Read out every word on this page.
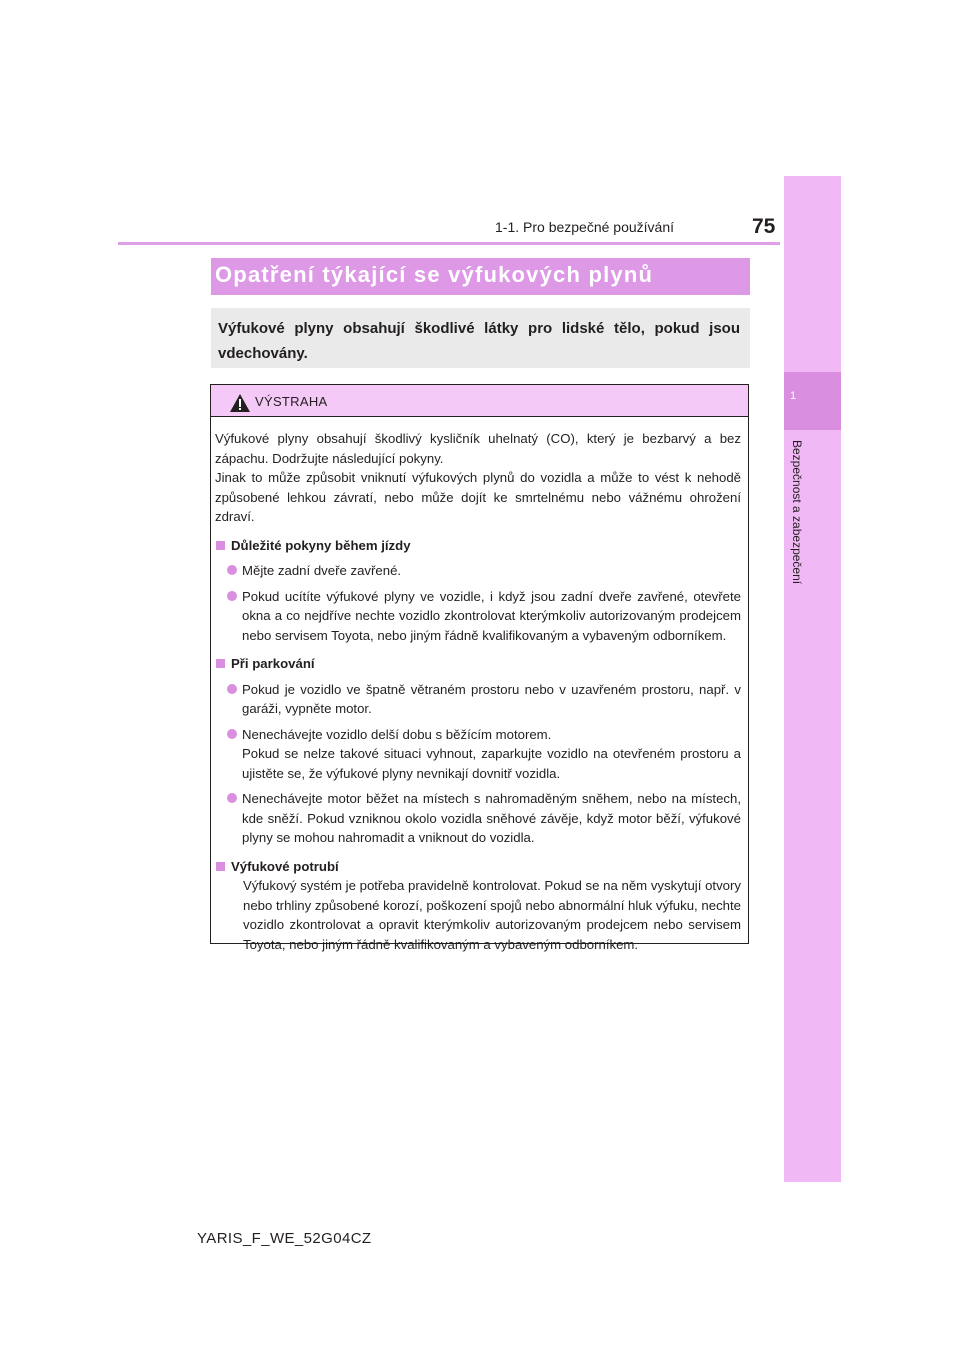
1-1. Pro bezpečné používání	75
1
Bezpečnost a zabezpečení
Opatření týkající se výfukových plynů
Výfukové plyny obsahují škodlivé látky pro lidské tělo, pokud jsou vdechovány.
VÝSTRAHA

Výfukové plyny obsahují škodlivý kysličník uhelnatý (CO), který je bezbarvý a bez zápachu. Dodržujte následující pokyny.

Jinak to může způsobit vniknutí výfukových plynů do vozidla a může to vést k nehodě způsobené lehkou závratí, nebo může dojít ke smrtelnému nebo vážnému ohrožení zdraví.

Důležité pokyny během jízdy

Mějte zadní dveře zavřené.
Pokud ucítíte výfukové plyny ve vozidle, i když jsou zadní dveře zavřené, otevřete okna a co nejdříve nechte vozidlo zkontrolovat kterýmkoliv autorizovaným prodejcem nebo servisem Toyota, nebo jiným řádně kvalifikovaným a vybaveným odborníkem.

Při parkování

Pokud je vozidlo ve špatně větraném prostoru nebo v uzavřeném prostoru, např. v garáži, vypněte motor.
Nenechávejte vozidlo delší dobu s běžícím motorem.
Pokud se nelze takové situaci vyhnout, zaparkujte vozidlo na otevřeném prostoru a ujistěte se, že výfukové plyny nevnikají dovnitř vozidla.
Nenechávejte motor běžet na místech s nahromaděným sněhem, nebo na místech, kde sněží. Pokud vzniknou okolo vozidla sněhové závěje, když motor běží, výfukové plyny se mohou nahromadit a vniknout do vozidla.

Výfukové potrubí

Výfukový systém je potřeba pravidelně kontrolovat. Pokud se na něm vyskytují otvory nebo trhliny způsobené korozí, poškození spojů nebo abnormální hluk výfuku, nechte vozidlo zkontrolovat a opravit kterýmkoliv autorizovaným prodejcem nebo servisem Toyota, nebo jiným řádně kvalifikovaným a vybaveným odborníkem.

YARIS_F_WE_52G04CZ
